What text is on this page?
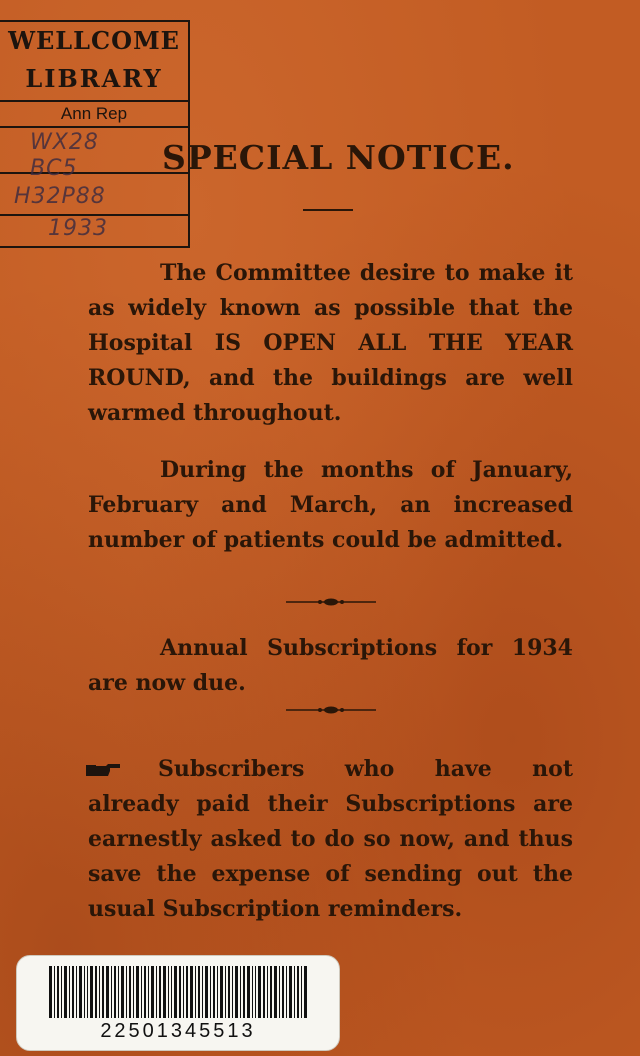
WELLCOME
LIBRARY
Ann Rep
WX28
BC5
H32P88
1933
SPECIAL NOTICE.
The Committee desire to make it as widely known as possible that the Hospital IS OPEN ALL THE YEAR ROUND, and the buildings are well warmed throughout.
During the months of January, February and March, an increased number of patients could be admitted.
Annual Subscriptions for 1934 are now due.
Subscribers who have not already paid their Subscriptions are earnestly asked to do so now, and thus save the expense of sending out the usual Subscription reminders.
22501345513
